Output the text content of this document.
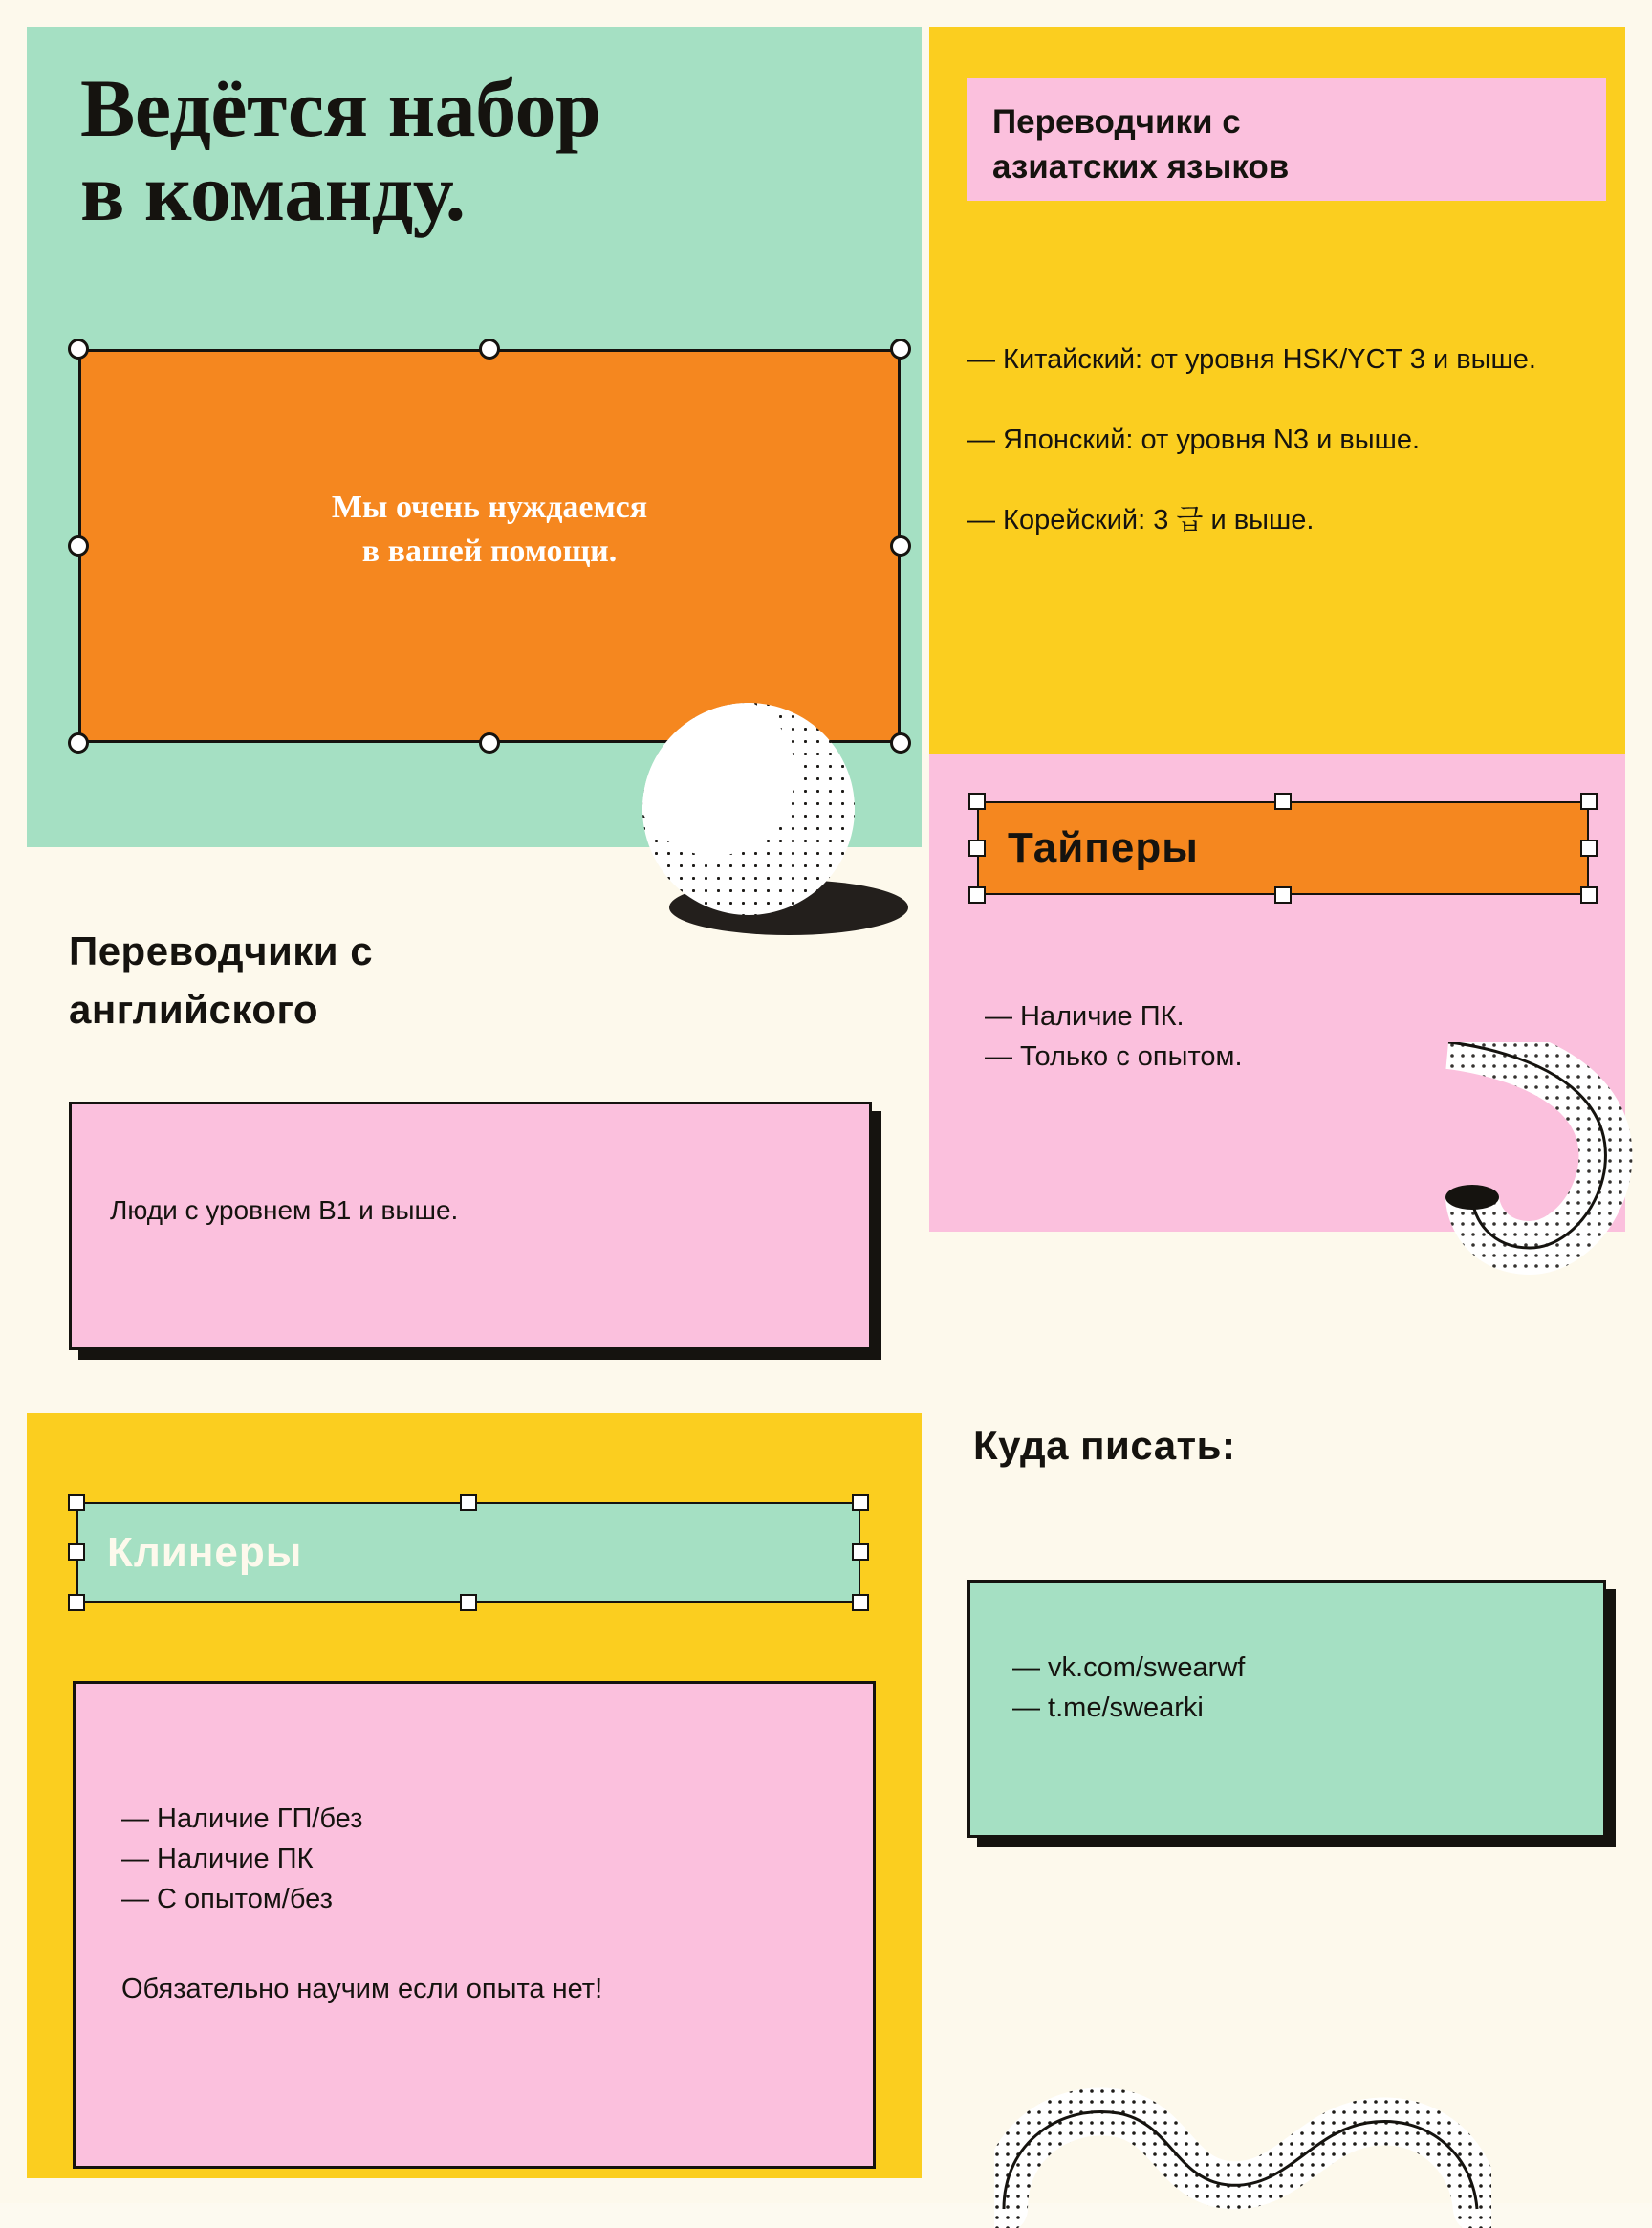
Ведётся набор
в команду.
Мы очень нуждаемся
в вашей помощи.
Переводчики с
английского
Люди с уровнем B1 и выше.
Клинеры
— Наличие ГП/без
— Наличие ПК
— С опытом/без
Обязательно научим если опыта нет!
Переводчики с
азиатских языков
— Китайский: от уровня HSK/YCT 3 и выше.
— Японский: от уровня N3 и выше.
— Корейский: 3 급 и выше.
Тайперы
— Наличие ПК.
— Только с опытом.
Куда писать:
— vk.com/swearwf
— t.me/swearki
